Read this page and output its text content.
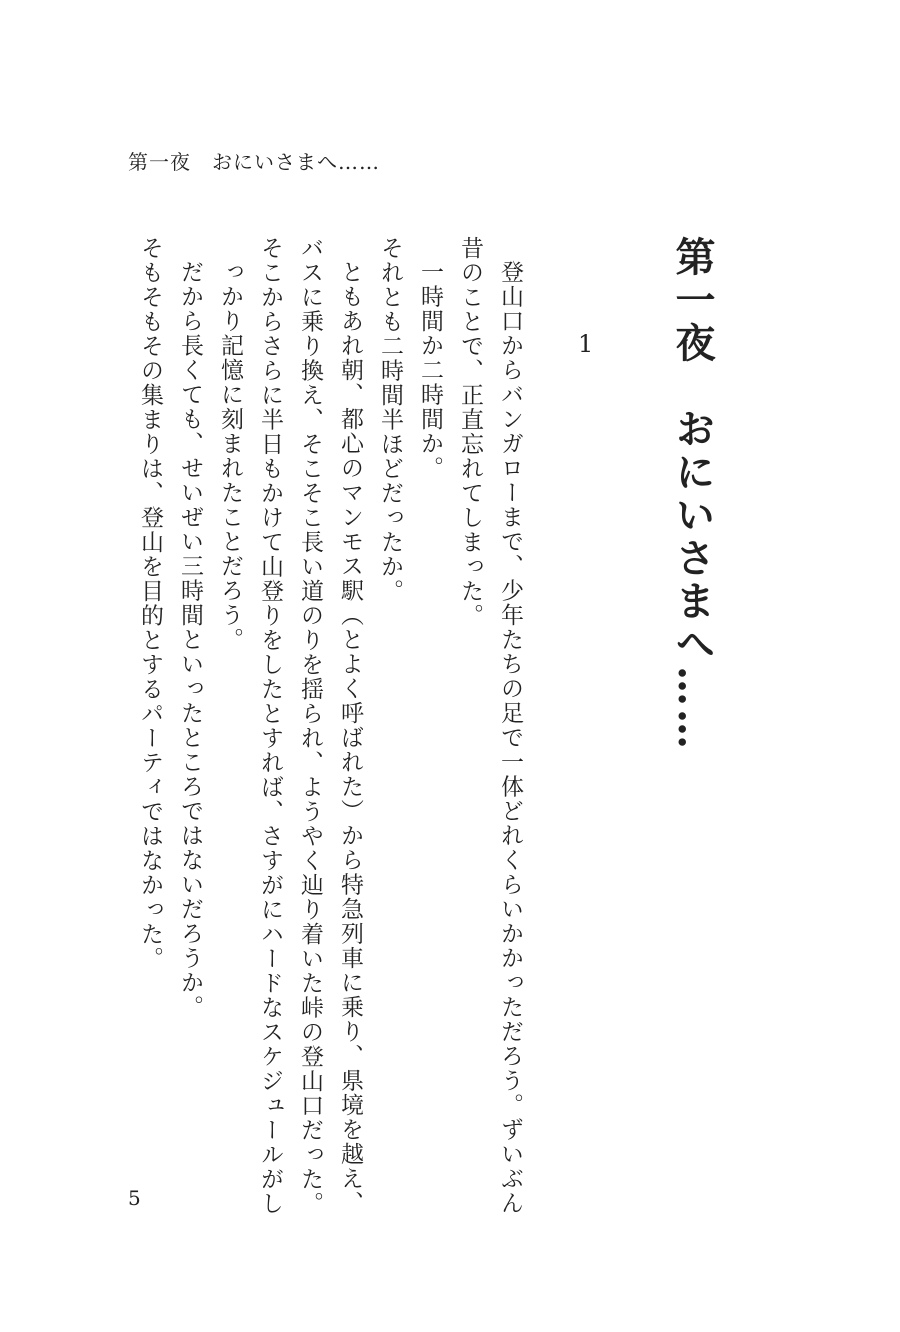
第一夜　おにいさまへ……
第一夜　おにいさまへ……
1
登山口からバンガローまで、少年たちの足で一体どれくらいかかっただろう。ずいぶん
昔のことで、正直忘れてしまった。
一時間か二時間か。
それとも二時間半ほどだったか。
ともあれ朝、都心のマンモス駅（とよく呼ばれた）から特急列車に乗り、県境を越え、
バスに乗り換え、そこそこ長い道のりを揺られ、ようやく辿り着いた峠の登山口だった。
そこからさらに半日もかけて山登りをしたとすれば、さすがにハードなスケジュールがし
っかり記憶に刻まれたことだろう。
だから長くても、せいぜい三時間といったところではないだろうか。
そもそもその集まりは、登山を目的とするパーティではなかった。
5
